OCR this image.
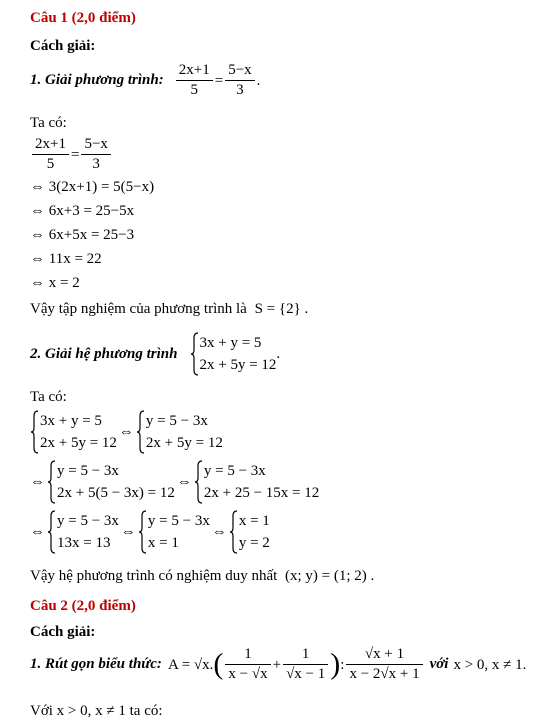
Câu 1 (2,0 điểm)
Cách giải:
1. Giải phương trình: $\frac{2x+1}{5} = \frac{5-x}{3}$ .
Ta có:
$\frac{2x+1}{5} = \frac{5-x}{3}$
⇔ 3(2x+1) = 5(5−x)
⇔ 6x+3 = 25−5x
⇔ 6x+5x = 25−3
⇔ 11x = 22
⇔ x = 2
Vậy tập nghiệm của phương trình là S = {2} .
2. Giải hệ phương trình
3x + y = 5
2x + 5y = 12
.
Ta có:
3x + y = 5
2x + 5y = 12
⇔
y = 5 − 3x
2x + 5y = 12
⇔
y = 5 − 3x
2x + 5(5 − 3x) = 12
⇔
y = 5 − 3x
2x + 25 − 15x = 12
⇔
y = 5 − 3x
13x = 13
⇔
y = 5 − 3x
x = 1
⇔
x = 1
y = 2
Vậy hệ phương trình có nghiệm duy nhất (x; y) = (1; 2) .
Câu 2 (2,0 điểm)
Cách giải:
1. Rút gọn biểu thức: $A = √x.( \frac{1}{x - √x} + \frac{1}{√x - 1}$ ): $\frac{√x + 1}{x - 2√x + 1}$ với x > 0, x ≠ 1.
Với x > 0, x ≠ 1 ta có:
